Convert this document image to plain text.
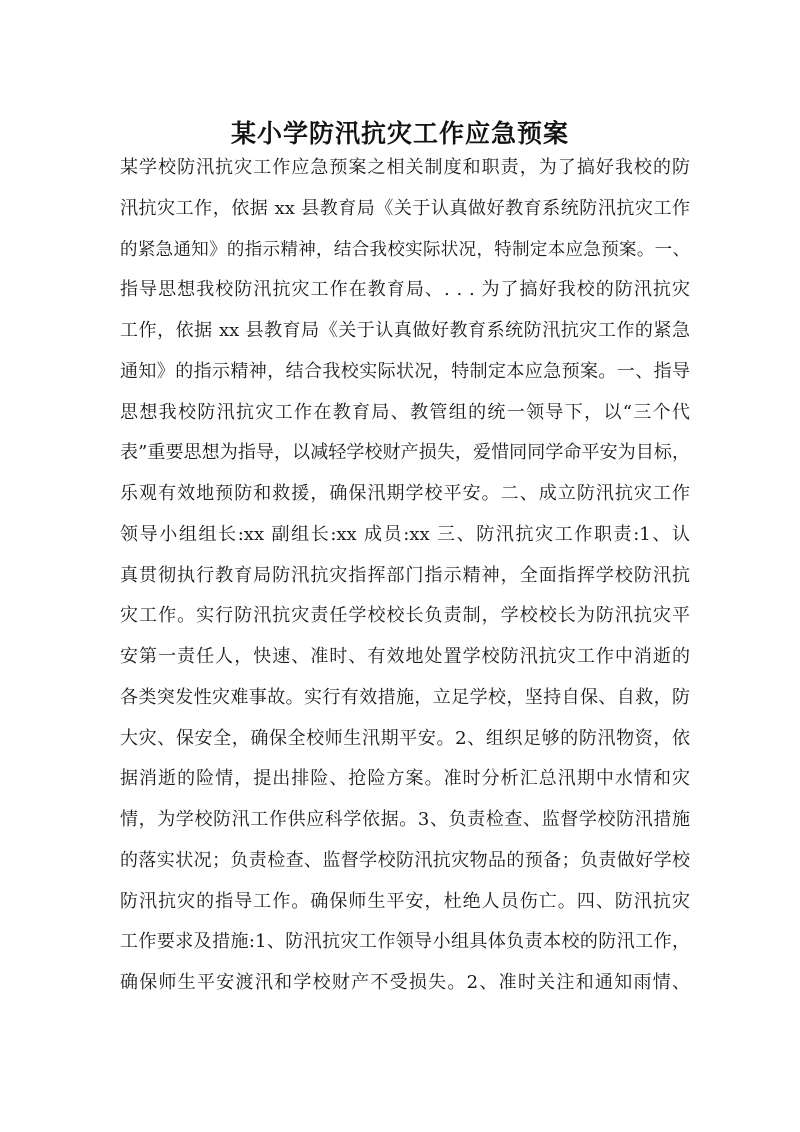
某小学防汛抗灾工作应急预案
某学校防汛抗灾工作应急预案之相关制度和职责，为了搞好我校的防
汛抗灾工作，依据 xx 县教育局《关于认真做好教育系统防汛抗灾工作
的紧急通知》的指示精神，结合我校实际状况，特制定本应急预案。一、
指导思想我校防汛抗灾工作在教育局、. . . 为了搞好我校的防汛抗灾
工作，依据 xx 县教育局《关于认真做好教育系统防汛抗灾工作的紧急
通知》的指示精神，结合我校实际状况，特制定本应急预案。一、指导
思想我校防汛抗灾工作在教育局、教管组的统一领导下，以“三个代
表”重要思想为指导，以减轻学校财产损失，爱惜同同学命平安为目标，
乐观有效地预防和救援，确保汛期学校平安。二、成立防汛抗灾工作
领导小组组长:xx 副组长:xx 成员:xx 三、防汛抗灾工作职责:1、认
真贯彻执行教育局防汛抗灾指挥部门指示精神，全面指挥学校防汛抗
灾工作。实行防汛抗灾责任学校校长负责制，学校校长为防汛抗灾平
安第一责任人，快速、准时、有效地处置学校防汛抗灾工作中消逝的
各类突发性灾难事故。实行有效措施，立足学校，坚持自保、自救，防
大灾、保安全，确保全校师生汛期平安。2、组织足够的防汛物资，依
据消逝的险情，提出排险、抢险方案。准时分析汇总汛期中水情和灾
情，为学校防汛工作供应科学依据。3、负责检查、监督学校防汛措施
的落实状况；负责检查、监督学校防汛抗灾物品的预备；负责做好学校
防汛抗灾的指导工作。确保师生平安，杜绝人员伤亡。四、防汛抗灾
工作要求及措施:1、防汛抗灾工作领导小组具体负责本校的防汛工作，
确保师生平安渡汛和学校财产不受损失。2、准时关注和通知雨情、
